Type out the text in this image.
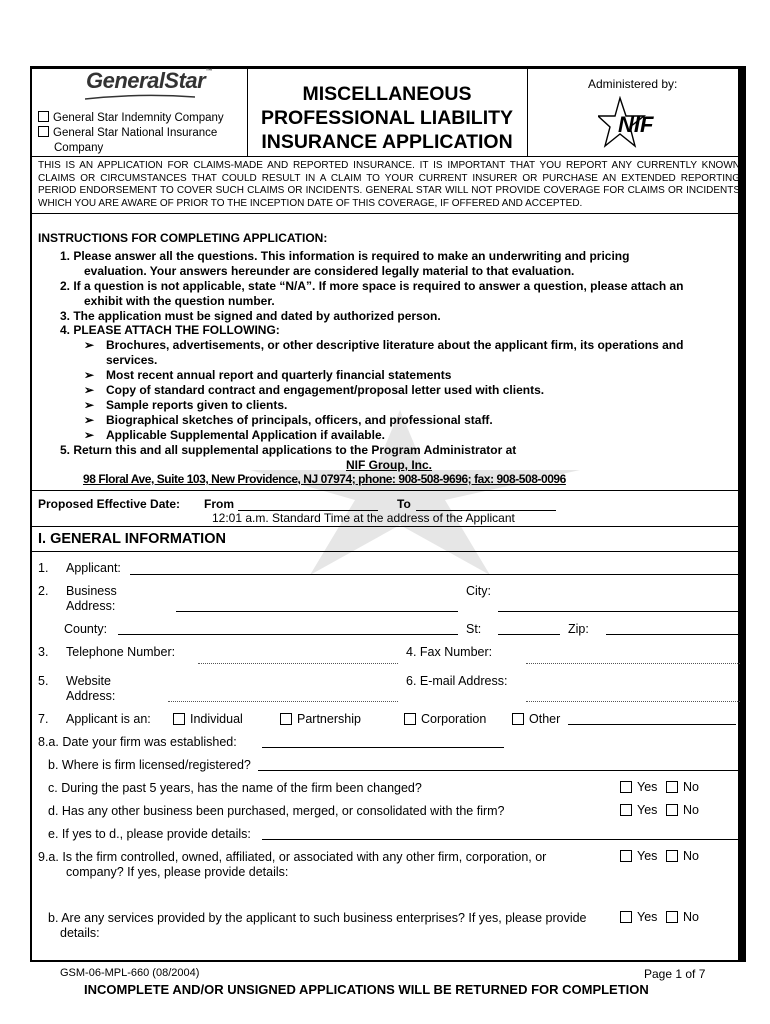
GeneralStar™
General Star Indemnity Company
General Star National Insurance
Company
MISCELLANEOUS
PROFESSIONAL LIABILITY
INSURANCE APPLICATION
Administered by:
NIF
THIS IS AN APPLICATION FOR CLAIMS-MADE AND REPORTED INSURANCE. IT IS IMPORTANT THAT YOU REPORT ANY CURRENTLY KNOWN CLAIMS OR CIRCUMSTANCES THAT COULD RESULT IN A CLAIM TO YOUR CURRENT INSURER OR PURCHASE AN EXTENDED REPORTING PERIOD ENDORSEMENT TO COVER SUCH CLAIMS OR INCIDENTS. GENERAL STAR WILL NOT PROVIDE COVERAGE FOR CLAIMS OR INCIDENTS WHICH YOU ARE AWARE OF PRIOR TO THE INCEPTION DATE OF THIS COVERAGE, IF OFFERED AND ACCEPTED.
INSTRUCTIONS FOR COMPLETING APPLICATION:
1. Please answer all the questions. This information is required to make an underwriting and pricing
evaluation. Your answers hereunder are considered legally material to that evaluation.
2. If a question is not applicable, state “N/A”. If more space is required to answer a question, please attach an
exhibit with the question number.
3. The application must be signed and dated by authorized person.
4. PLEASE ATTACH THE FOLLOWING:
➢ Brochures, advertisements, or other descriptive literature about the applicant firm, its operations and
services.
➢ Most recent annual report and quarterly financial statements
➢ Copy of standard contract and engagement/proposal letter used with clients.
➢ Sample reports given to clients.
➢ Biographical sketches of principals, officers, and professional staff.
➢ Applicable Supplemental Application if available.
5. Return this and all supplemental applications to the Program Administrator at
NIF Group, Inc.
98 Floral Ave, Suite 103, New Providence, NJ 07974; phone: 908-508-9696; fax: 908-508-0096
Proposed Effective Date: From	To
12:01 a.m. Standard Time at the address of the Applicant
I. GENERAL INFORMATION
1. Applicant:
2. Business
Address:
City:
County:	St:	Zip:
3. Telephone Number:	4. Fax Number:
5. Website
Address:
6. E-mail Address:
7. Applicant is an:	Individual	Partnership	Corporation	Other
8.a. Date your firm was established:
b. Where is firm licensed/registered?
c. During the past 5 years, has the name of the firm been changed?	Yes	No
d. Has any other business been purchased, merged, or consolidated with the firm?	Yes	No
e. If yes to d., please provide details:
9.a. Is the firm controlled, owned, affiliated, or associated with any other firm, corporation, or
company? If yes, please provide details:
Yes	No
b. Are any services provided by the applicant to such business enterprises? If yes, please provide
details:
Yes	No
GSM-06-MPL-660 (08/2004)	Page 1 of 7
INCOMPLETE AND/OR UNSIGNED APPLICATIONS WILL BE RETURNED FOR COMPLETION
